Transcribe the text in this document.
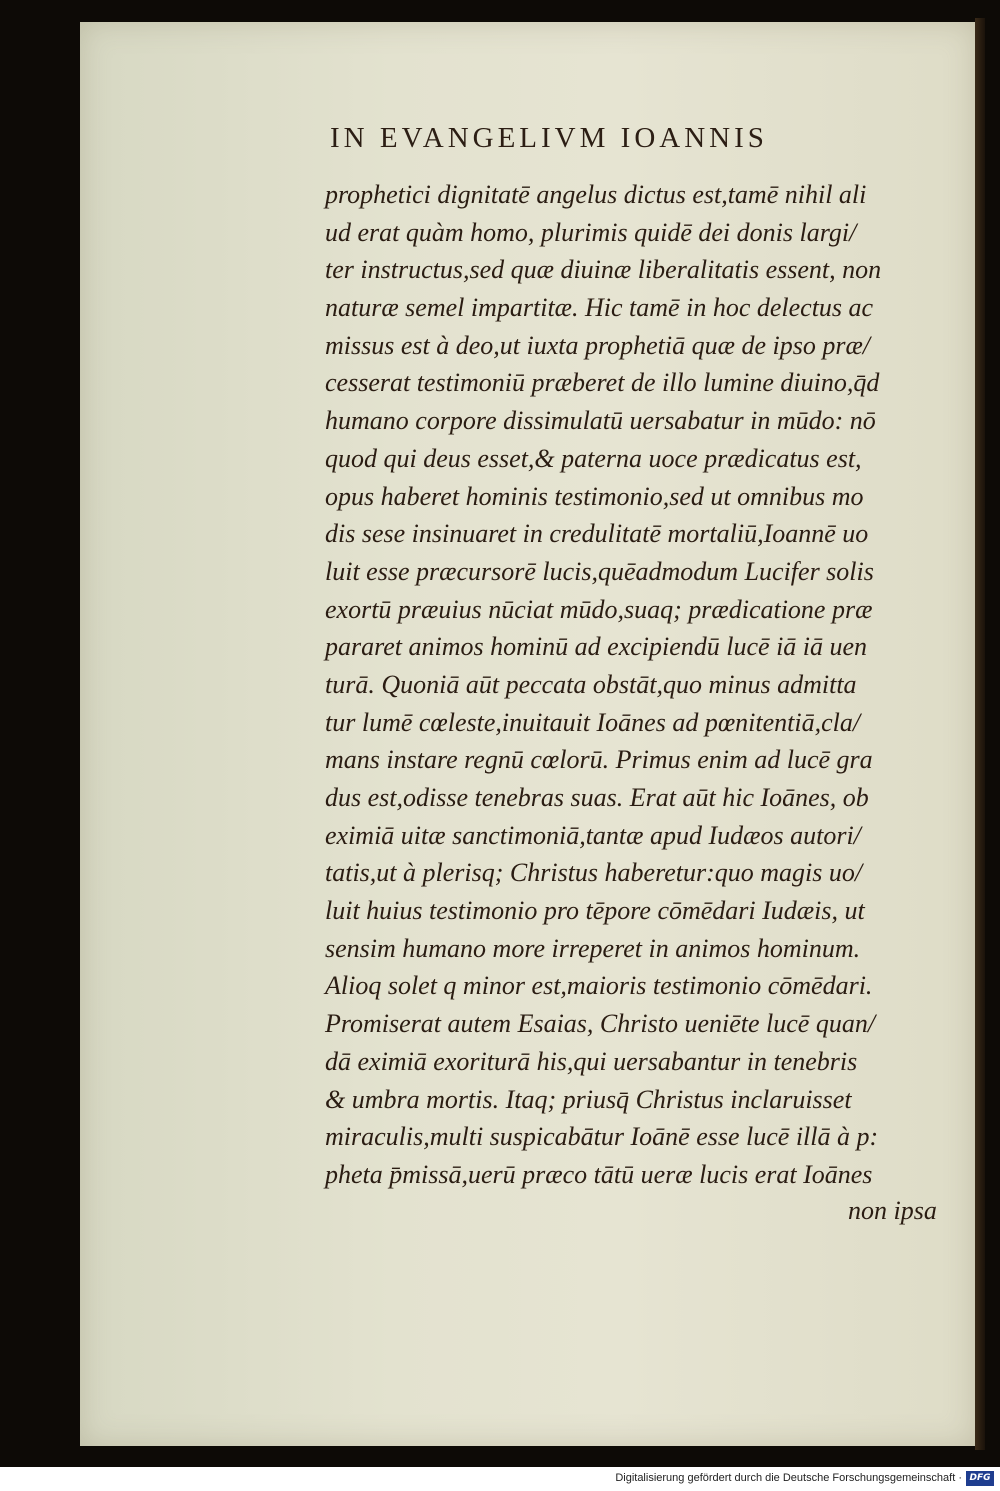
IN EVANGELIVM IOANNIS
prophetici dignitatē angelus dictus est,tamē nihil ali
ud erat quàm homo, plurimis quidē dei donis largi/
ter instructus,sed quæ diuinæ liberalitatis essent, non
naturæ semel impartitæ. Hic tamē in hoc delectus ac
missus est à deo,ut iuxta prophetiā quæ de ipso præ/
cesserat testimoniū præberet de illo lumine diuino,q̄d
humano corpore dissimulatū uersabatur in mūdo: nō
quod qui deus esset,& paterna uoce prædicatus est,
opus haberet hominis testimonio,sed ut omnibus mo
dis sese insinuaret in credulitatē mortaliū,Ioannē uo
luit esse præcursorē lucis,quēadmodum Lucifer solis
exortū præuius nūciat mūdo,suaq; prædicatione præ
pararet animos hominū ad excipiendū lucē iā iā uen
turā. Quoniā aūt peccata obstāt,quo minus admitta
tur lumē cœleste,inuitauit Ioānes ad pœnitentiā,cla/
mans instare regnū cœlorū. Primus enim ad lucē gra
dus est,odisse tenebras suas. Erat aūt hic Ioānes, ob
eximiā uitæ sanctimoniā,tantæ apud Iudæos autori/
tatis,ut à plerisq; Christus haberetur:quo magis uo/
luit huius testimonio pro tēpore cōmēdari Iudæis, ut
sensim humano more irreperet in animos hominum.
Alioq solet q minor est,maioris testimonio cōmēdari.
Promiserat autem Esaias, Christo ueniēte lucē quan/
dā eximiā exoriturā his,qui uersabantur in tenebris
& umbra mortis. Itaq; priusq̄ Christus inclaruisset
miraculis,multi suspicabātur Ioānē esse lucē illā à p:
pheta p̄missā,uerū præco tātū ueræ lucis erat Ioānes
non ipsa
Digitalisierung gefördert durch die Deutsche Forschungsgemeinschaft · DFG
